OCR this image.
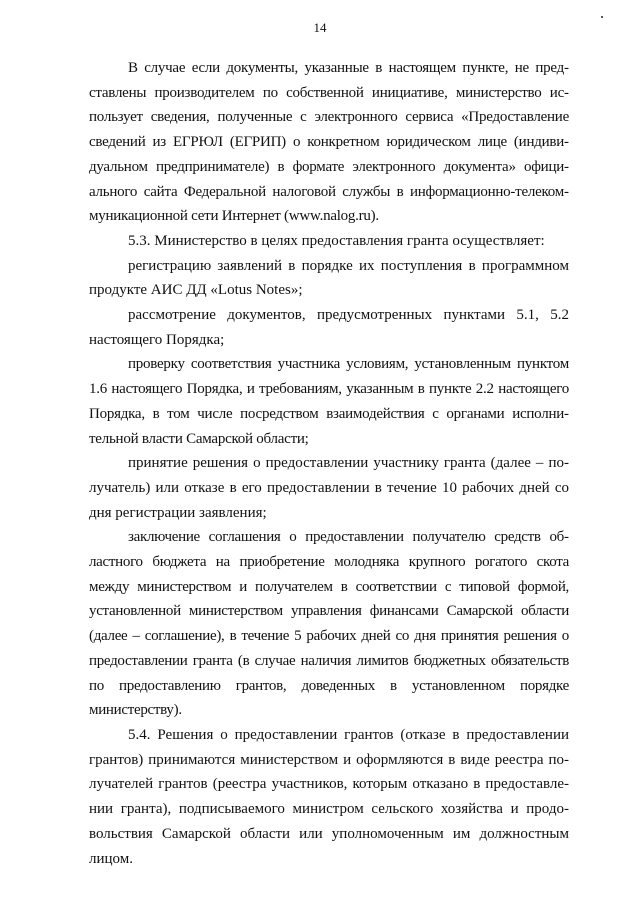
14

В случае если документы, указанные в настоящем пункте, не представлены производителем по собственной инициативе, министерство использует сведения, полученные с электронного сервиса «Предоставление сведений из ЕГРЮЛ (ЕГРИП) о конкретном юридическом лице (индивидуальном предпринимателе) в формате электронного документа» официального сайта Федеральной налоговой службы в информационно-телекоммуникационной сети Интернет (www.nalog.ru).

5.3. Министерство в целях предоставления гранта осуществляет:

регистрацию заявлений в порядке их поступления в программном продукте АИС ДД «Lotus Notes»;

рассмотрение документов, предусмотренных пунктами 5.1, 5.2 настоящего Порядка;

проверку соответствия участника условиям, установленным пунктом 1.6 настоящего Порядка, и требованиям, указанным в пункте 2.2 настоящего Порядка, в том числе посредством взаимодействия с органами исполнительной власти Самарской области;

принятие решения о предоставлении участнику гранта (далее – получатель) или отказе в его предоставлении в течение 10 рабочих дней со дня регистрации заявления;

заключение соглашения о предоставлении получателю средств областного бюджета на приобретение молодняка крупного рогатого скота между министерством и получателем в соответствии с типовой формой, установленной министерством управления финансами Самарской области (далее – соглашение), в течение 5 рабочих дней со дня принятия решения о предоставлении гранта (в случае наличия лимитов бюджетных обязательств по предоставлению грантов, доведенных в установленном порядке министерству).

5.4. Решения о предоставлении грантов (отказе в предоставлении грантов) принимаются министерством и оформляются в виде реестра получателей грантов (реестра участников, которым отказано в предоставлении гранта), подписываемого министром сельского хозяйства и продовольствия Самарской области или уполномоченным им должностным лицом.
